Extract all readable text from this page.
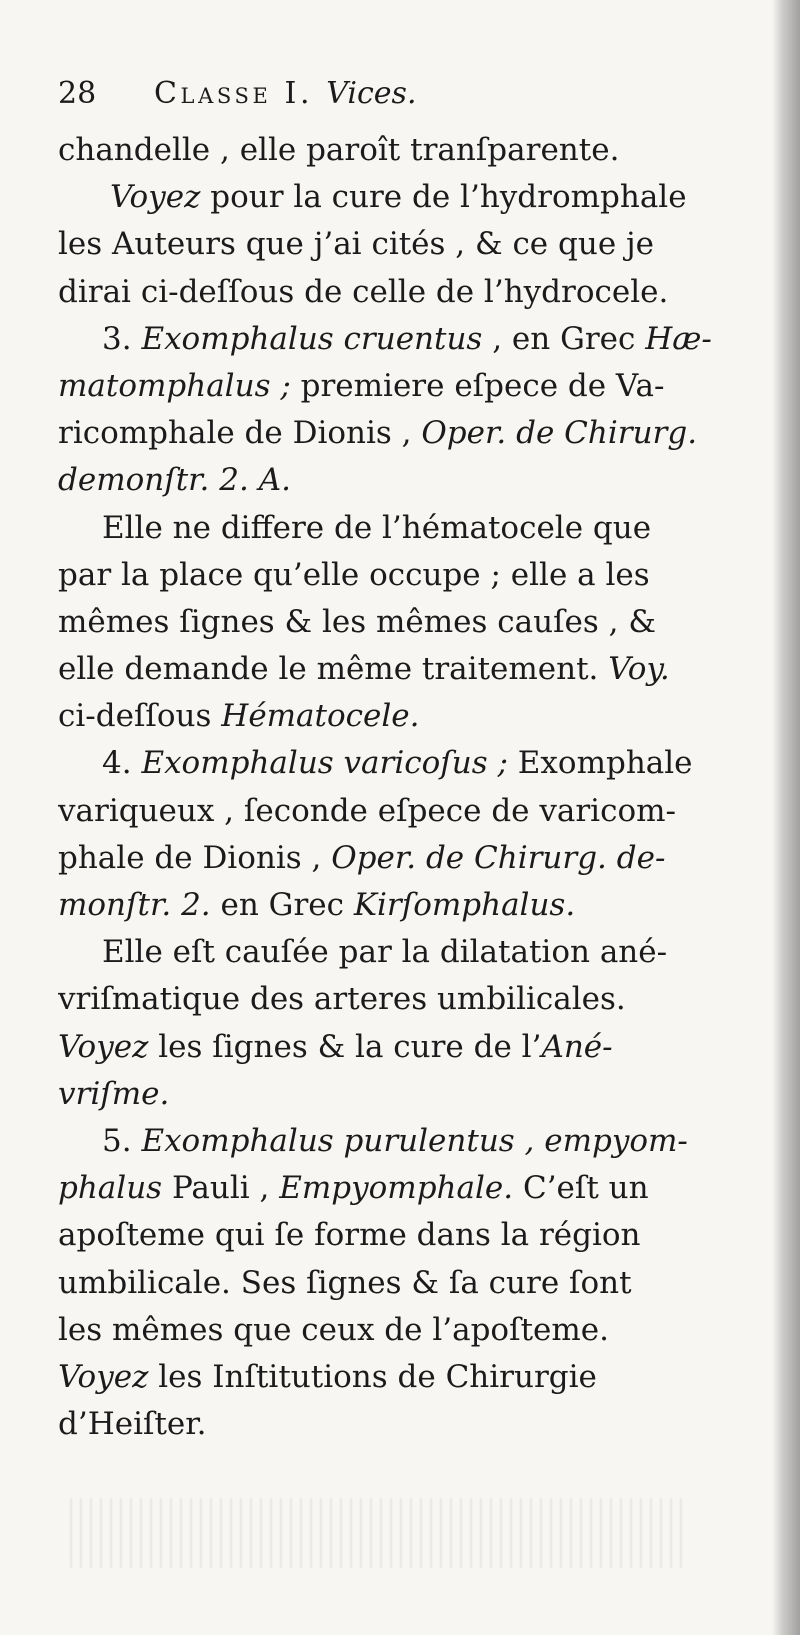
28	Classe I. Vices.
chandelle , elle paroît tranſparente.
Voyez pour la cure de l’hydromphale
les Auteurs que j’ai cités , & ce que je
dirai ci-deſſous de celle de l’hydrocele.
3. Exomphalus cruentus , en Grec Hæ-
matomphalus ; premiere eſpece de Va-
ricomphale de Dionis , Oper. de Chirurg.
demonſtr. 2. A.
Elle ne differe de l’hématocele que
par la place qu’elle occupe ; elle a les
mêmes ſignes & les mêmes cauſes , &
elle demande le même traitement. Voy.
ci-deſſous Hématocele.
4. Exomphalus varicoſus ; Exomphale
variqueux , ſeconde eſpece de varicom-
phale de Dionis , Oper. de Chirurg. de-
monſtr. 2. en Grec Kirſomphalus.
Elle eſt cauſée par la dilatation ané-
vriſmatique des arteres umbilicales.
Voyez les ſignes & la cure de l’Ané-
vriſme.
5. Exomphalus purulentus , empyom-
phalus Pauli , Empyomphale. C’eſt un
apoſteme qui ſe forme dans la région
umbilicale. Ses ſignes & ſa cure ſont
les mêmes que ceux de l’apoſteme.
Voyez les Inſtitutions de Chirurgie
d’Heiſter.
